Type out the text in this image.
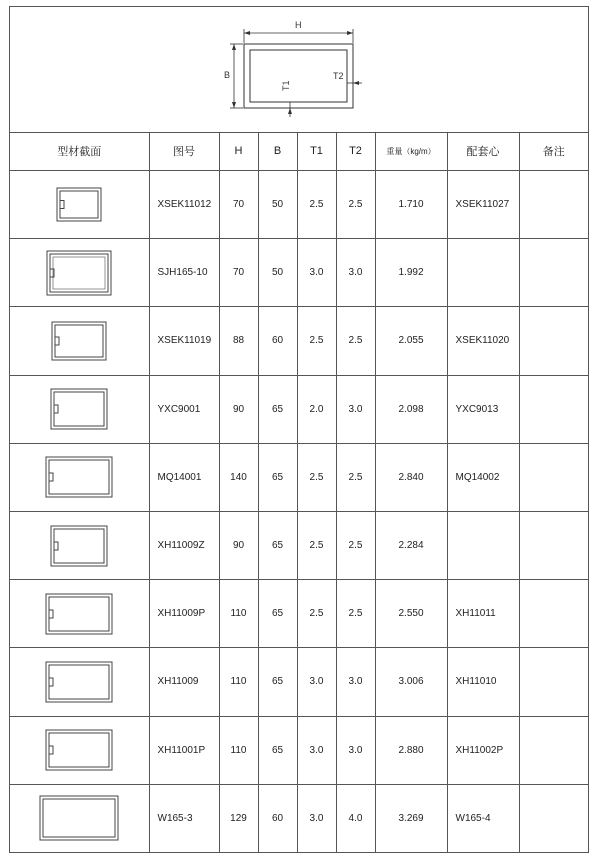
H
B	T2
T1
型材截面	图号	H	B	T1	T2	重量（kg/m）	配套心	备注

	XSEK11012	70	50	2.5	2.5	1.710	XSEK11027	

	SJH165-10	70	50	3.0	3.0	1.992		

	XSEK11019	88	60	2.5	2.5	2.055	XSEK11020	

	YXC9001	90	65	2.0	3.0	2.098	YXC9013	

	MQ14001	140	65	2.5	2.5	2.840	MQ14002	

	XH11009Z	90	65	2.5	2.5	2.284		

	XH11009P	110	65	2.5	2.5	2.550	XH11011	

	XH11009	110	65	3.0	3.0	3.006	XH11010	

	XH11001P	110	65	3.0	3.0	2.880	XH11002P	

	W165-3	129	60	3.0	4.0	3.269	W165-4	
